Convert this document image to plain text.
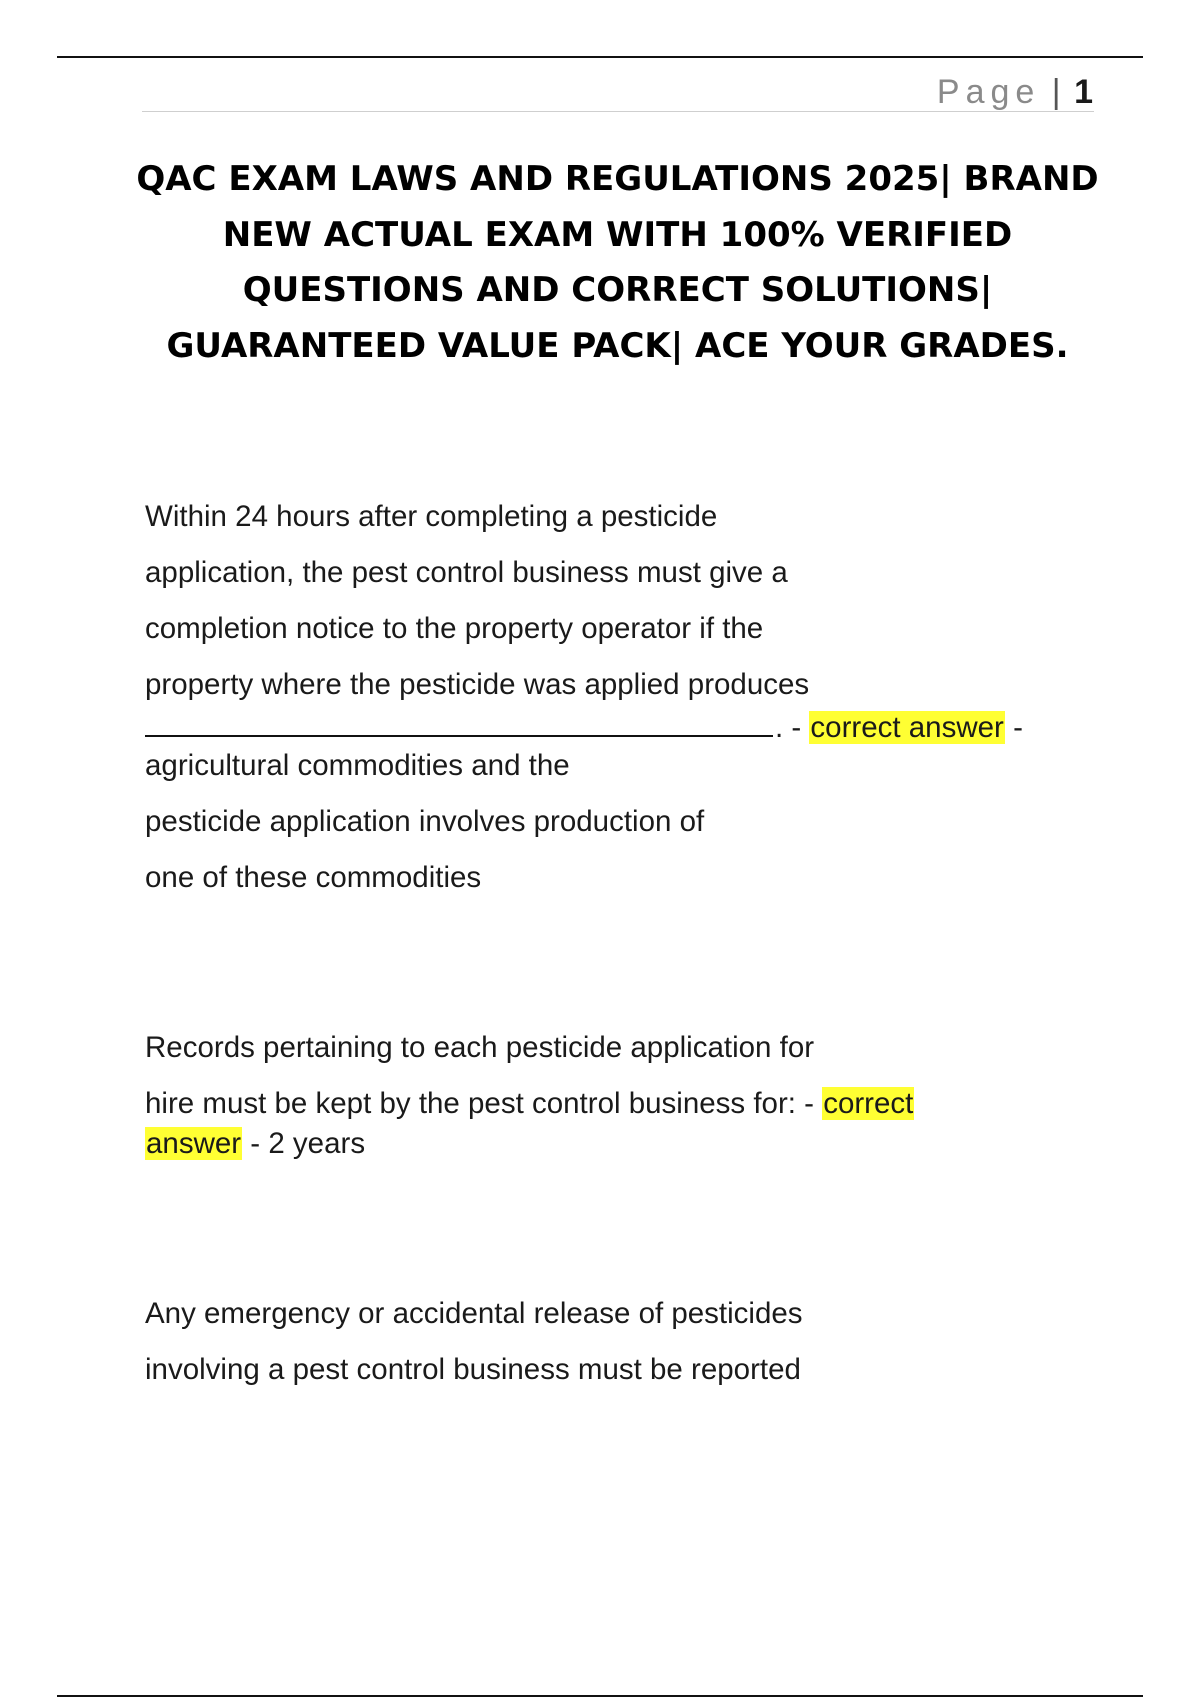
Page | 1
QAC EXAM LAWS AND REGULATIONS 2025| BRAND NEW ACTUAL EXAM WITH 100% VERIFIED QUESTIONS AND CORRECT SOLUTIONS| GUARANTEED VALUE PACK| ACE YOUR GRADES.
Within 24 hours after completing a pesticide
application, the pest control business must give a
completion notice to the property operator if the
property where the pesticide was applied produces
. - correct answer -
agricultural commodities and the
pesticide application involves production of
one of these commodities
Records pertaining to each pesticide application for
hire must be kept by the pest control business for: - correct
answer - 2 years
Any emergency or accidental release of pesticides
involving a pest control business must be reported
